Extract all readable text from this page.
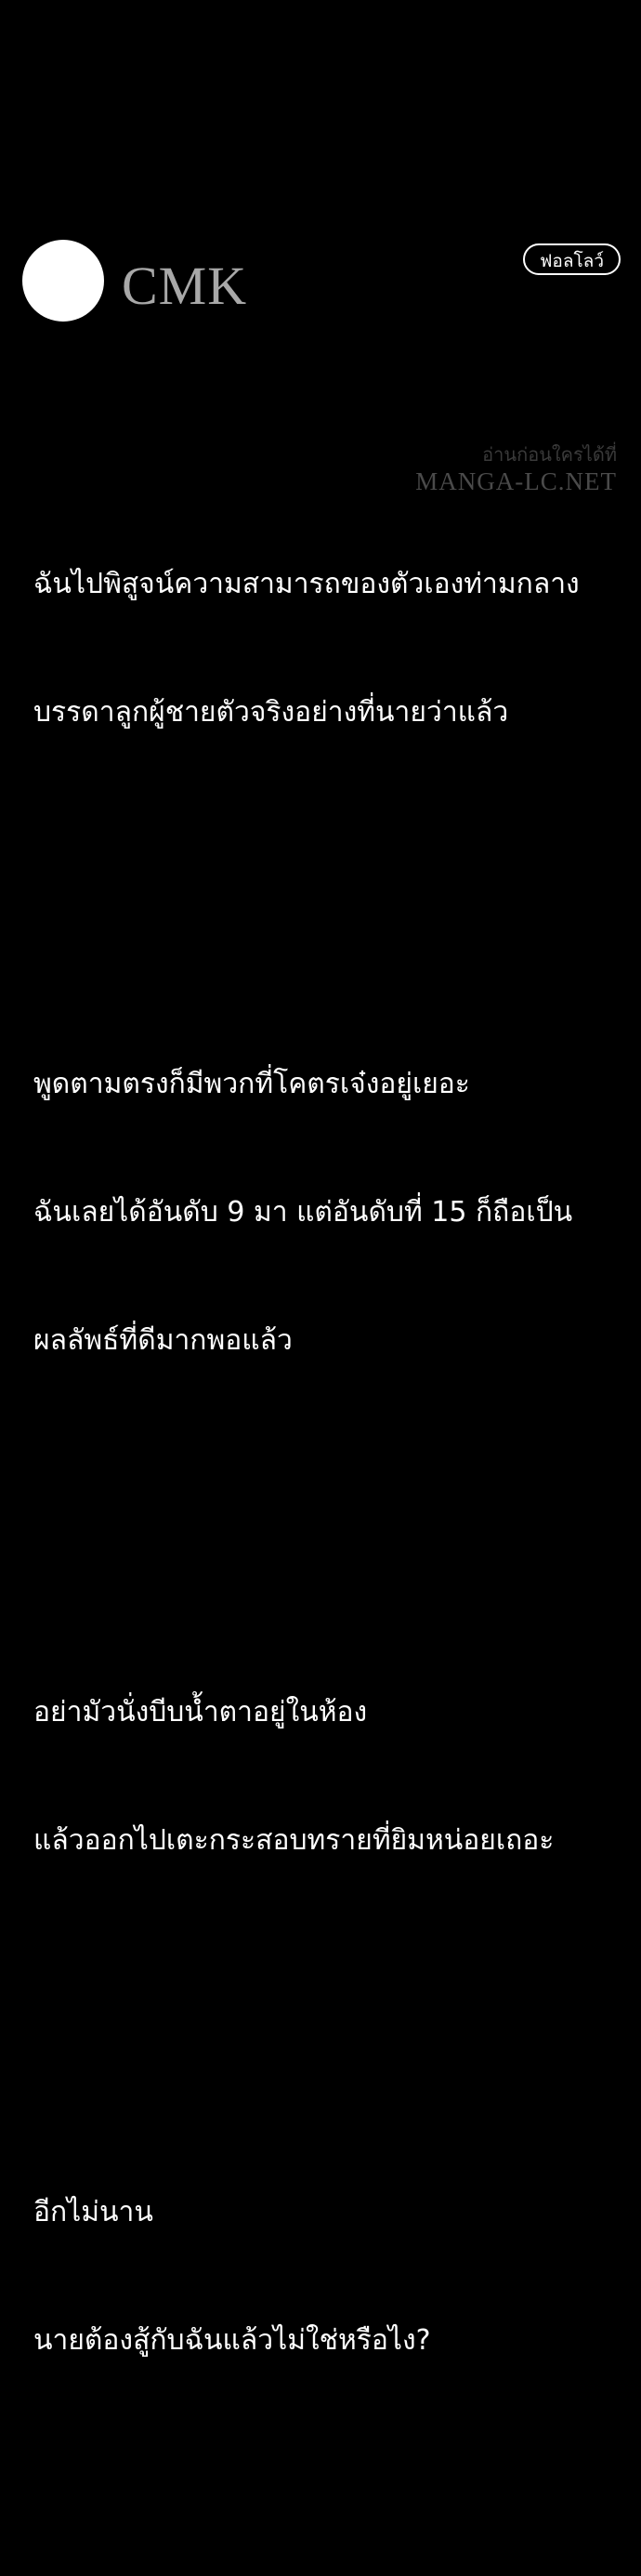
CMK	ฟอลโลว์

ฉันไปพิสูจน์ความสามารถของตัวเองท่ามกลาง

บรรดาลูกผู้ชายตัวจริงอย่างที่นายว่าแล้ว

พูดตามตรงก็มีพวกที่โคตรเจ๋งอยู่เยอะ

ฉันเลยได้อันดับ 9 มา แต่อันดับที่ 15 ก็ถือเป็น

ผลลัพธ์ที่ดีมากพอแล้ว

อย่ามัวนั่งบีบน้ำตาอยู่ในห้อง

แล้วออกไปเตะกระสอบทรายที่ยิมหน่อยเถอะ

อีกไม่นาน

นายต้องสู้กับฉันแล้วไม่ใช่หรือไง?

อ่านก่อนใครได้ที่
MANGA-LC.NET
